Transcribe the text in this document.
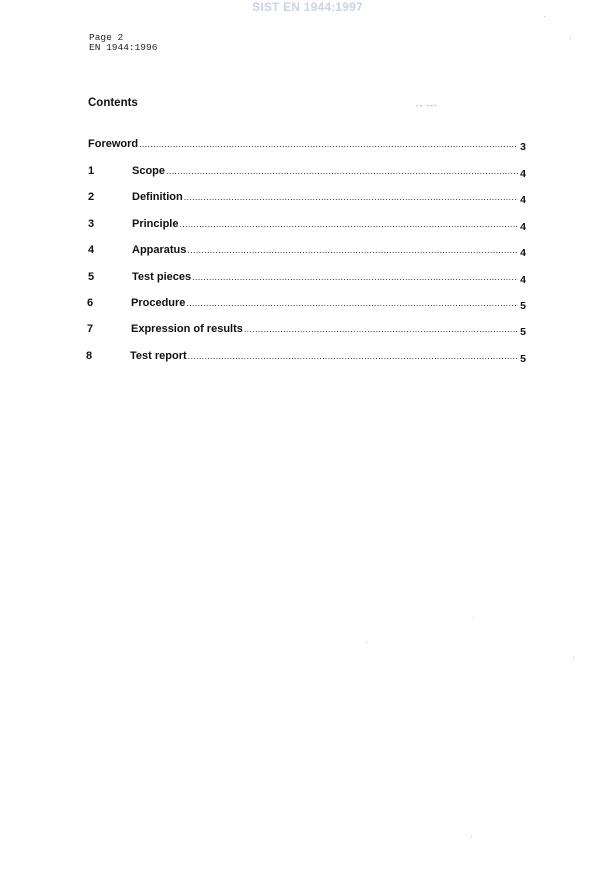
SIST EN 1944:1997
Page 2
EN 1944:1996
Contents	-- ---
Foreword .....	3
1	Scope .....	4
2	Definition .....	4
3	Principle .....	4
4	Apparatus .....	4
5	Test pieces .....	4
6	Procedure .....	5
7	Expression of results .....	5
8	Test report .....	5
